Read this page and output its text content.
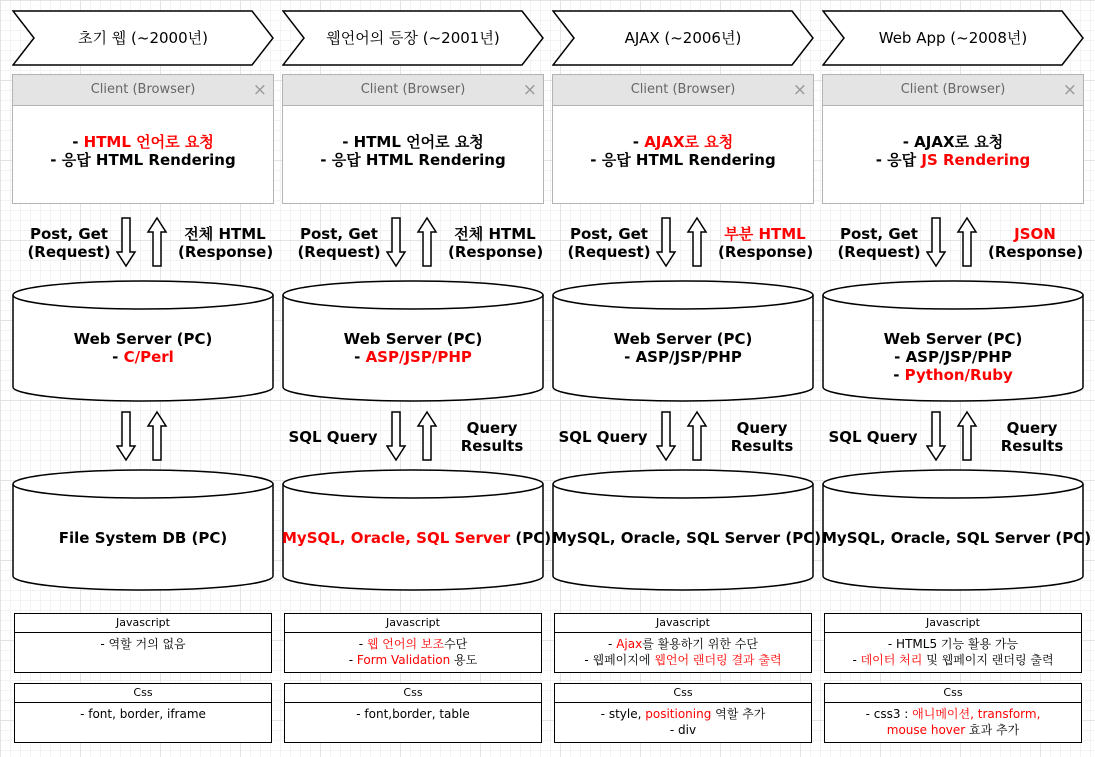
초기 웹 (~2000년)
Client (Browser)	×
- HTML 언어로 요청
- 응답 HTML Rendering
Post, Get
(Request)
전체 HTML
(Response)
Web Server (PC)
- C/Perl
File System DB (PC)
Javascript
- 역할 거의 없음
Css
- font, border, iframe
웹언어의 등장 (~2001년)
Client (Browser)	×
- HTML 언어로 요청
- 응답 HTML Rendering
Post, Get
(Request)
전체 HTML
(Response)
Web Server (PC)
- ASP/JSP/PHP
SQL Query	Query
Results
MySQL, Oracle, SQL Server (PC)
Javascript
- 웹 언어의 보조수단
- Form Validation 용도
Css
- font,border, table
AJAX (~2006년)
Client (Browser)	×
- AJAX로 요청
- 응답 HTML Rendering
Post, Get
(Request)
부분 HTML
(Response)
Web Server (PC)
- ASP/JSP/PHP
SQL Query	Query
Results
MySQL, Oracle, SQL Server (PC)
Javascript
- Ajax를 활용하기 위한 수단
- 웹페이지에 웹언어 랜더링 결과 출력
Css
- style, positioning 역할 추가
- div
Web App (~2008년)
Client (Browser)	×
- AJAX로 요청
- 응답 JS Rendering
Post, Get
(Request)
JSON
(Response)
Web Server (PC)
- ASP/JSP/PHP
- Python/Ruby
SQL Query	Query
Results
MySQL, Oracle, SQL Server (PC)
Javascript
- HTML5 기능 활용 가능
- 데이터 처리 및 웹페이지 랜더링 출력
Css
- css3 : 애니메이션, transform,
mouse hover 효과 추가
